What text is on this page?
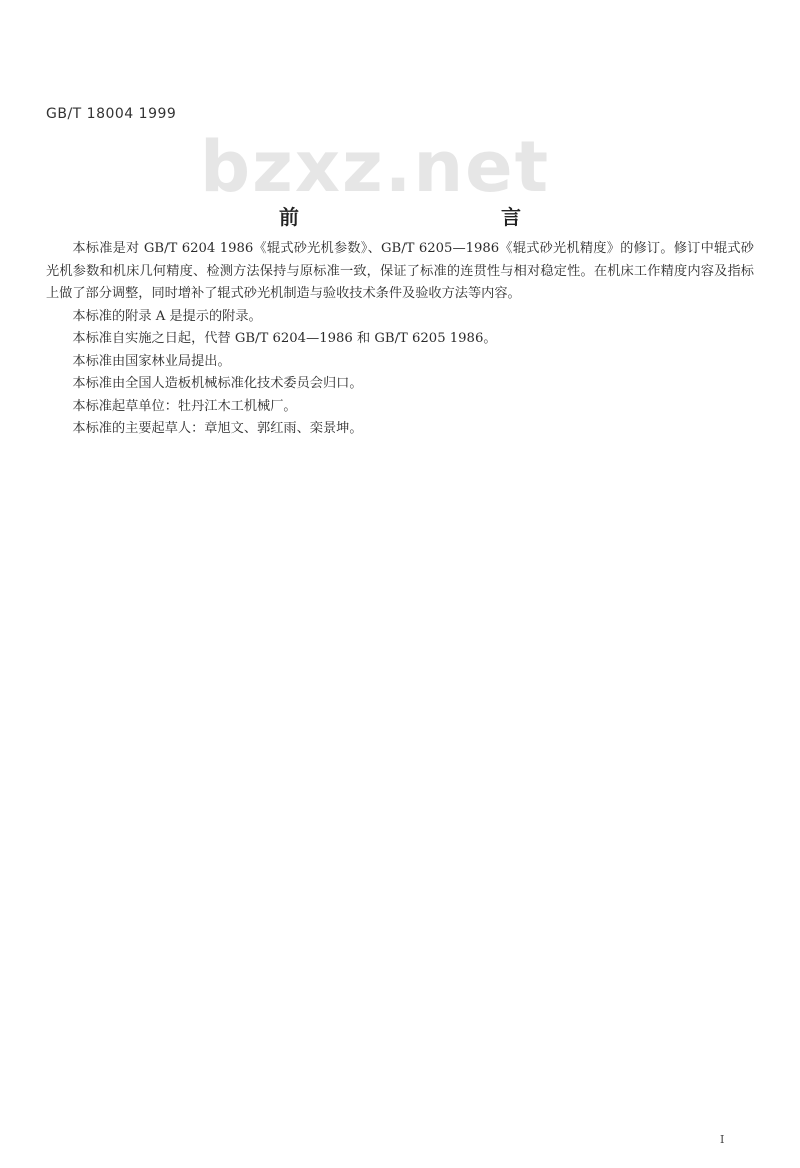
GB/T 18004 1999
bzxz.net
前　　言

本标准是对 GB/T 6204 1986《辊式砂光机参数》、GB/T 6205—1986《辊式砂光机精度》的修订。修订中辊式砂光机参数和机床几何精度、检测方法保持与原标准一致，保证了标准的连贯性与相对稳定性。在机床工作精度内容及指标上做了部分调整，同时增补了辊式砂光机制造与验收技术条件及验收方法等内容。

本标准的附录 A 是提示的附录。

本标准自实施之日起，代替 GB/T 6204—1986 和 GB/T 6205 1986。

本标准由国家林业局提出。

本标准由全国人造板机械标准化技术委员会归口。

本标准起草单位：牡丹江木工机械厂。

本标准的主要起草人：章旭文、郭红雨、栾景坤。

I
